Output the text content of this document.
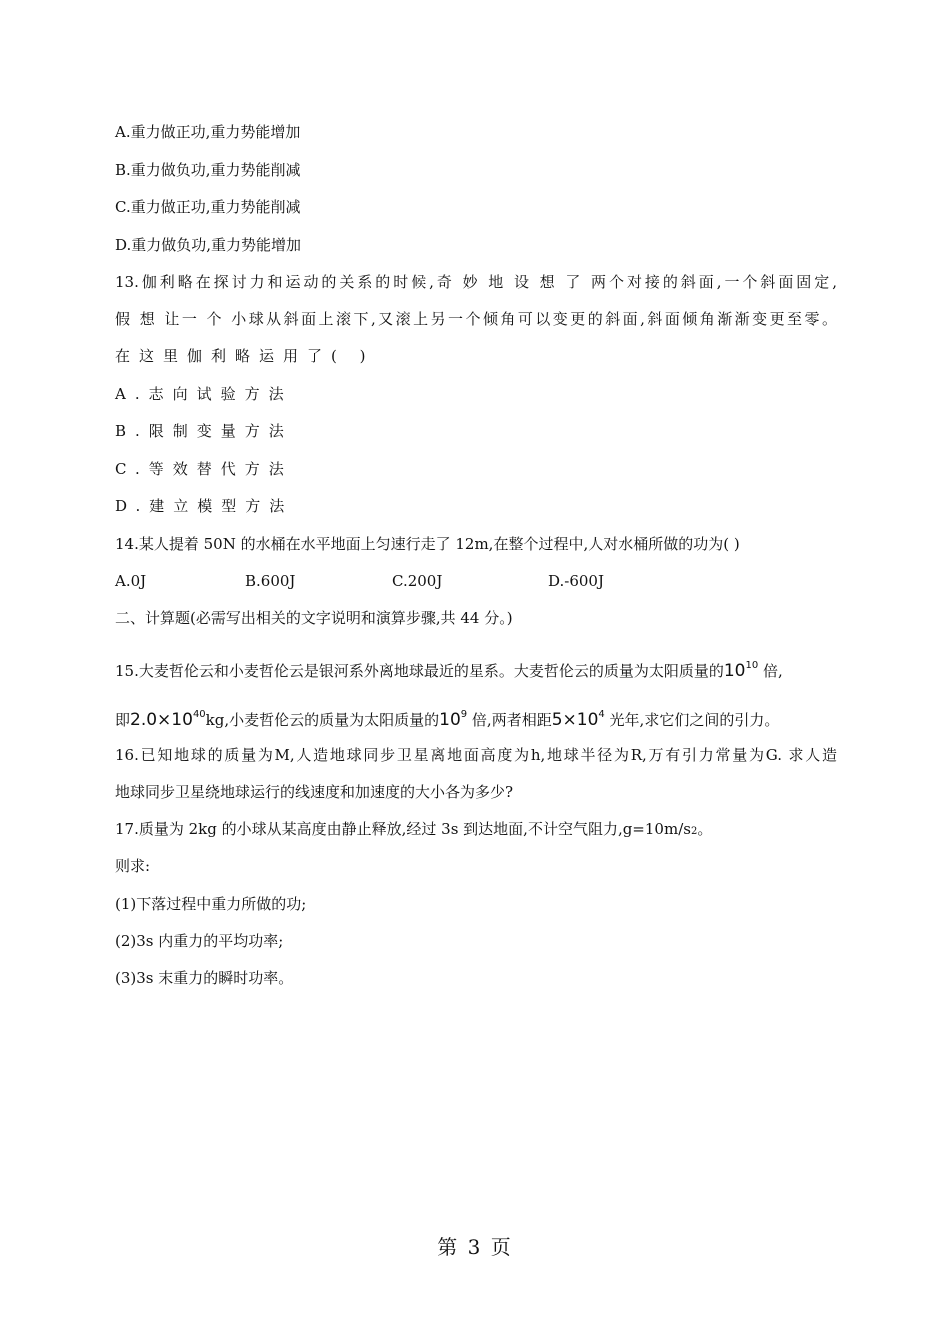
A.重力做正功,重力势能增加
B.重力做负功,重力势能削减
C.重力做正功,重力势能削减
D.重力做负功,重力势能增加
13.伽利略在探讨力和运动的关系的时候,奇 妙 地 设 想 了 两个对接的斜面,一个斜面固定,
假 想 让一 个 小球从斜面上滚下,又滚上另一个倾角可以变更的斜面,斜面倾角渐渐变更至零。
在这里伽利略运用了( )
A.志向试验方法
B.限制变量方法
C.等效替代方法
D.建立模型方法
14.某人提着 50N 的水桶在水平地面上匀速行走了 12m,在整个过程中,人对水桶所做的功为( )
A.0J	B.600J	C.200J	D.-600J
二、计算题(必需写出相关的文字说明和演算步骤,共 44 分。)
15.大麦哲伦云和小麦哲伦云是银河系外离地球最近的星系。大麦哲伦云的质量为太阳质量的$10^{10}$ 倍,
即$2.0\times 10^{40}kg$,小麦哲伦云的质量为太阳质量的$10^9$ 倍,两者相距$5\times 10^4$ 光年,求它们之间的引力。
16.已知地球的质量为M,人造地球同步卫星离地面高度为h,地球半径为R,万有引力常量为G. 求人造
地球同步卫星绕地球运行的线速度和加速度的大小各为多少?
17.质量为 2kg 的小球从某高度由静止释放,经过 3s 到达地面,不计空气阻力,g=10m/s2。
则求:
(1)下落过程中重力所做的功;
(2)3s 内重力的平均功率;
(3)3s 末重力的瞬时功率。
第 3 页
